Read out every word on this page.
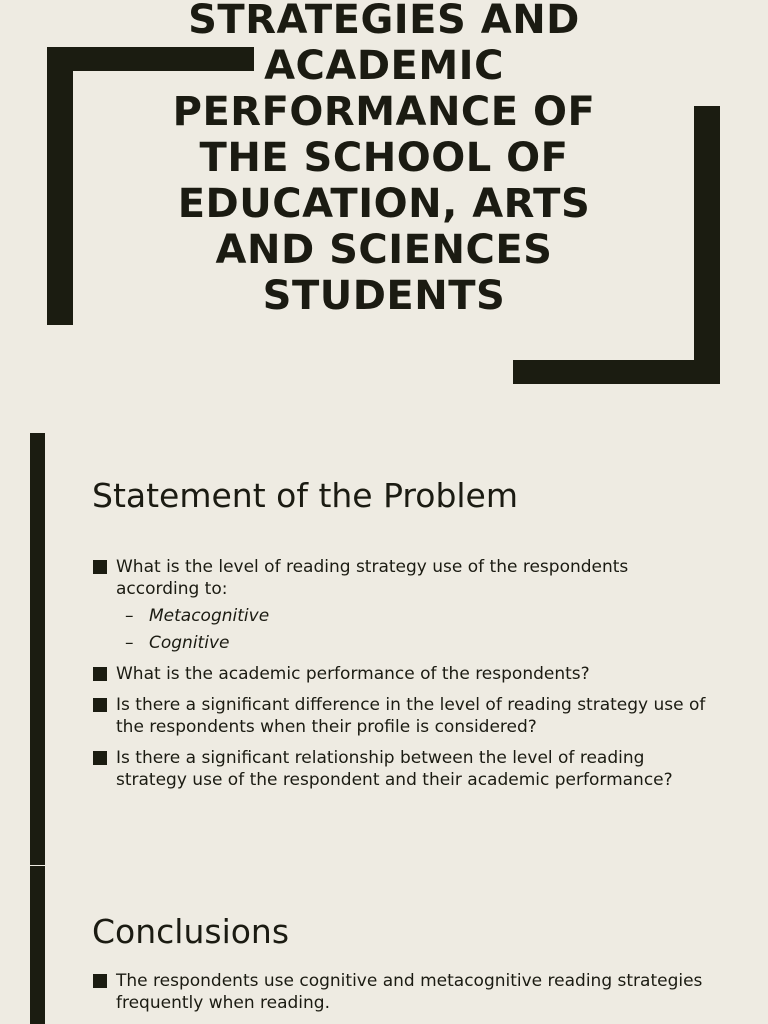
STRATEGIES AND
ACADEMIC
PERFORMANCE OF
THE SCHOOL OF
EDUCATION, ARTS
AND SCIENCES
STUDENTS
Statement of the Problem
What is the level of reading strategy use of the respondents according to:
– Metacognitive
– Cognitive
What is the academic performance of the respondents?
Is there a significant difference in the level of reading strategy use of the respondents when their profile is considered?
Is there a significant relationship between the level of reading strategy use of the respondent and their academic performance?
Conclusions
The respondents use cognitive and metacognitive reading strategies frequently when reading.
